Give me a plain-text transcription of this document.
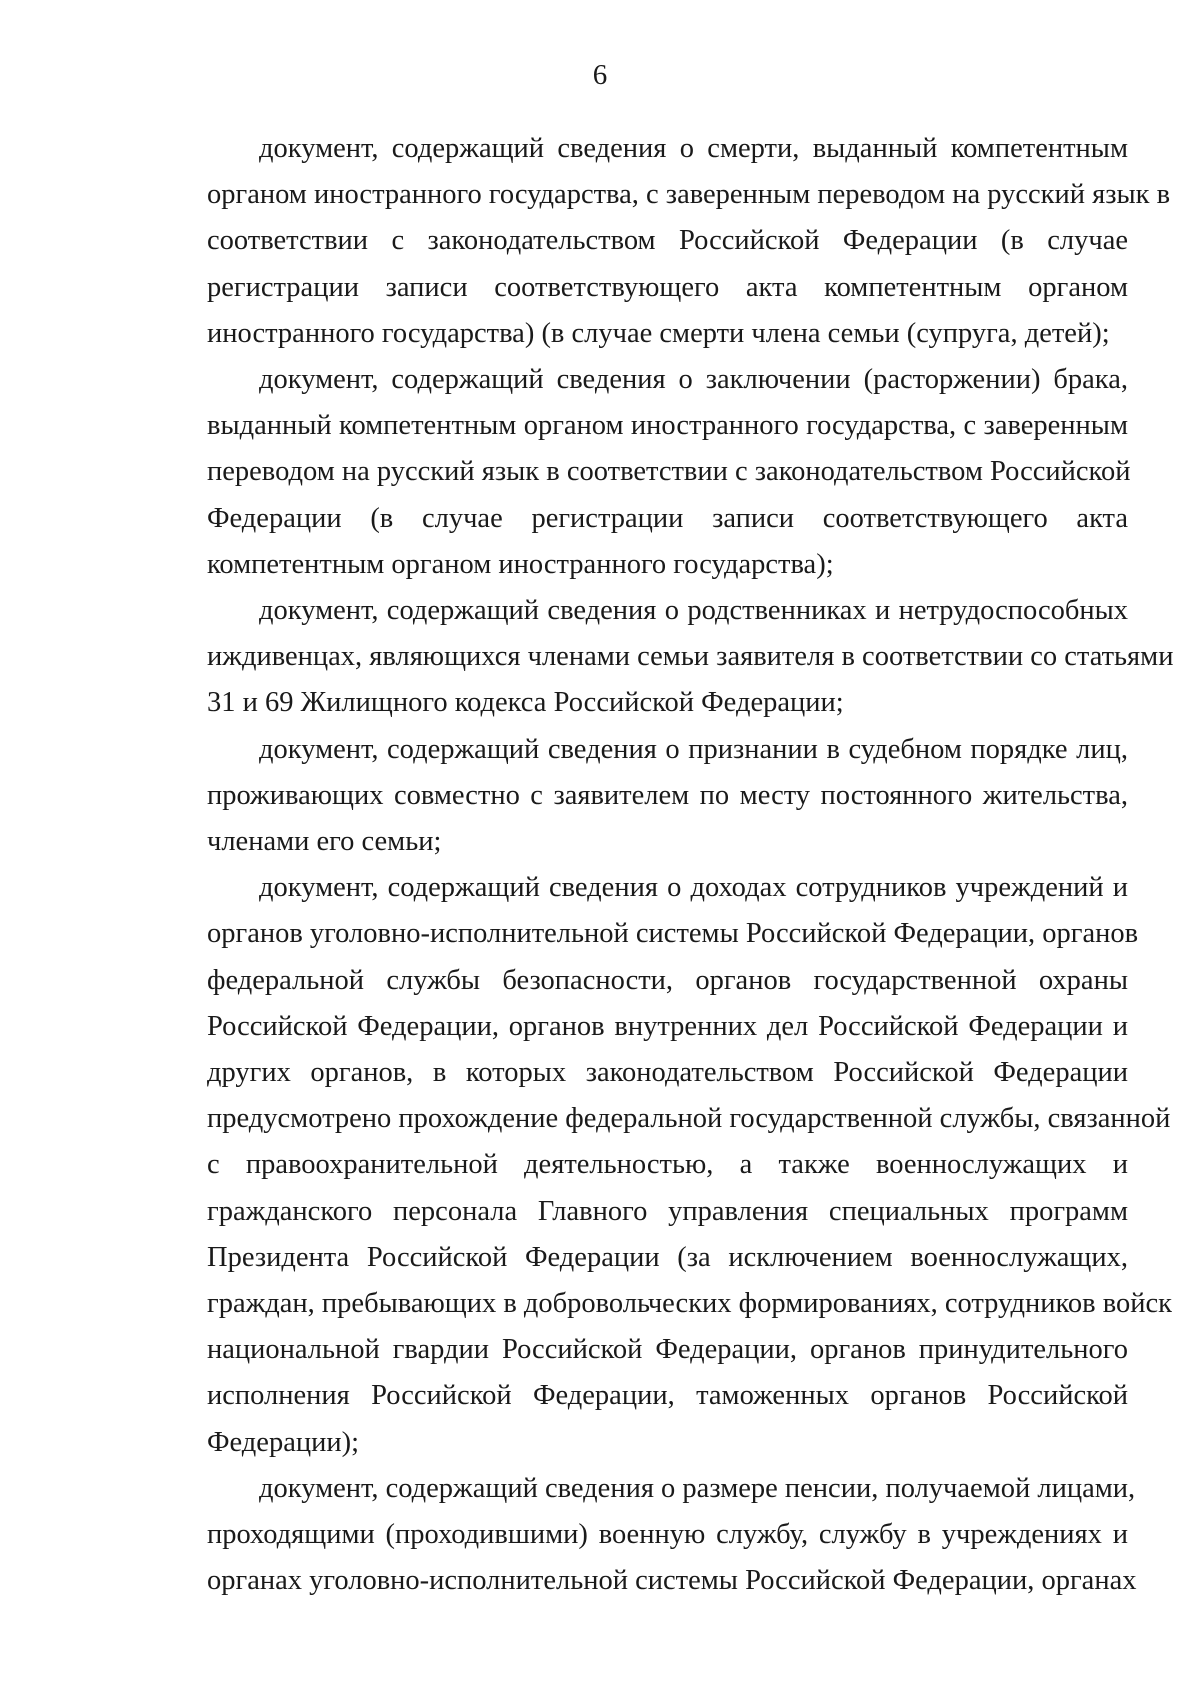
6
документ, содержащий сведения о смерти, выданный компетентным
органом иностранного государства, с заверенным переводом на русский язык в
соответствии с законодательством Российской Федерации (в случае
регистрации записи соответствующего акта компетентным органом
иностранного государства) (в случае смерти члена семьи (супруга, детей);
документ, содержащий сведения о заключении (расторжении) брака,
выданный компетентным органом иностранного государства, с заверенным
переводом на русский язык в соответствии с законодательством Российской
Федерации (в случае регистрации записи соответствующего акта
компетентным органом иностранного государства);
документ, содержащий сведения о родственниках и нетрудоспособных
иждивенцах, являющихся членами семьи заявителя в соответствии со статьями
31 и 69 Жилищного кодекса Российской Федерации;
документ, содержащий сведения о признании в судебном порядке лиц,
проживающих совместно с заявителем по месту постоянного жительства,
членами его семьи;
документ, содержащий сведения о доходах сотрудников учреждений и
органов уголовно-исполнительной системы Российской Федерации, органов
федеральной службы безопасности, органов государственной охраны
Российской Федерации, органов внутренних дел Российской Федерации и
других органов, в которых законодательством Российской Федерации
предусмотрено прохождение федеральной государственной службы, связанной
с правоохранительной деятельностью, а также военнослужащих и
гражданского персонала Главного управления специальных программ
Президента Российской Федерации (за исключением военнослужащих,
граждан, пребывающих в добровольческих формированиях, сотрудников войск
национальной гвардии Российской Федерации, органов принудительного
исполнения Российской Федерации, таможенных органов Российской
Федерации);
документ, содержащий сведения о размере пенсии, получаемой лицами,
проходящими (проходившими) военную службу, службу в учреждениях и
органах уголовно-исполнительной системы Российской Федерации, органах
